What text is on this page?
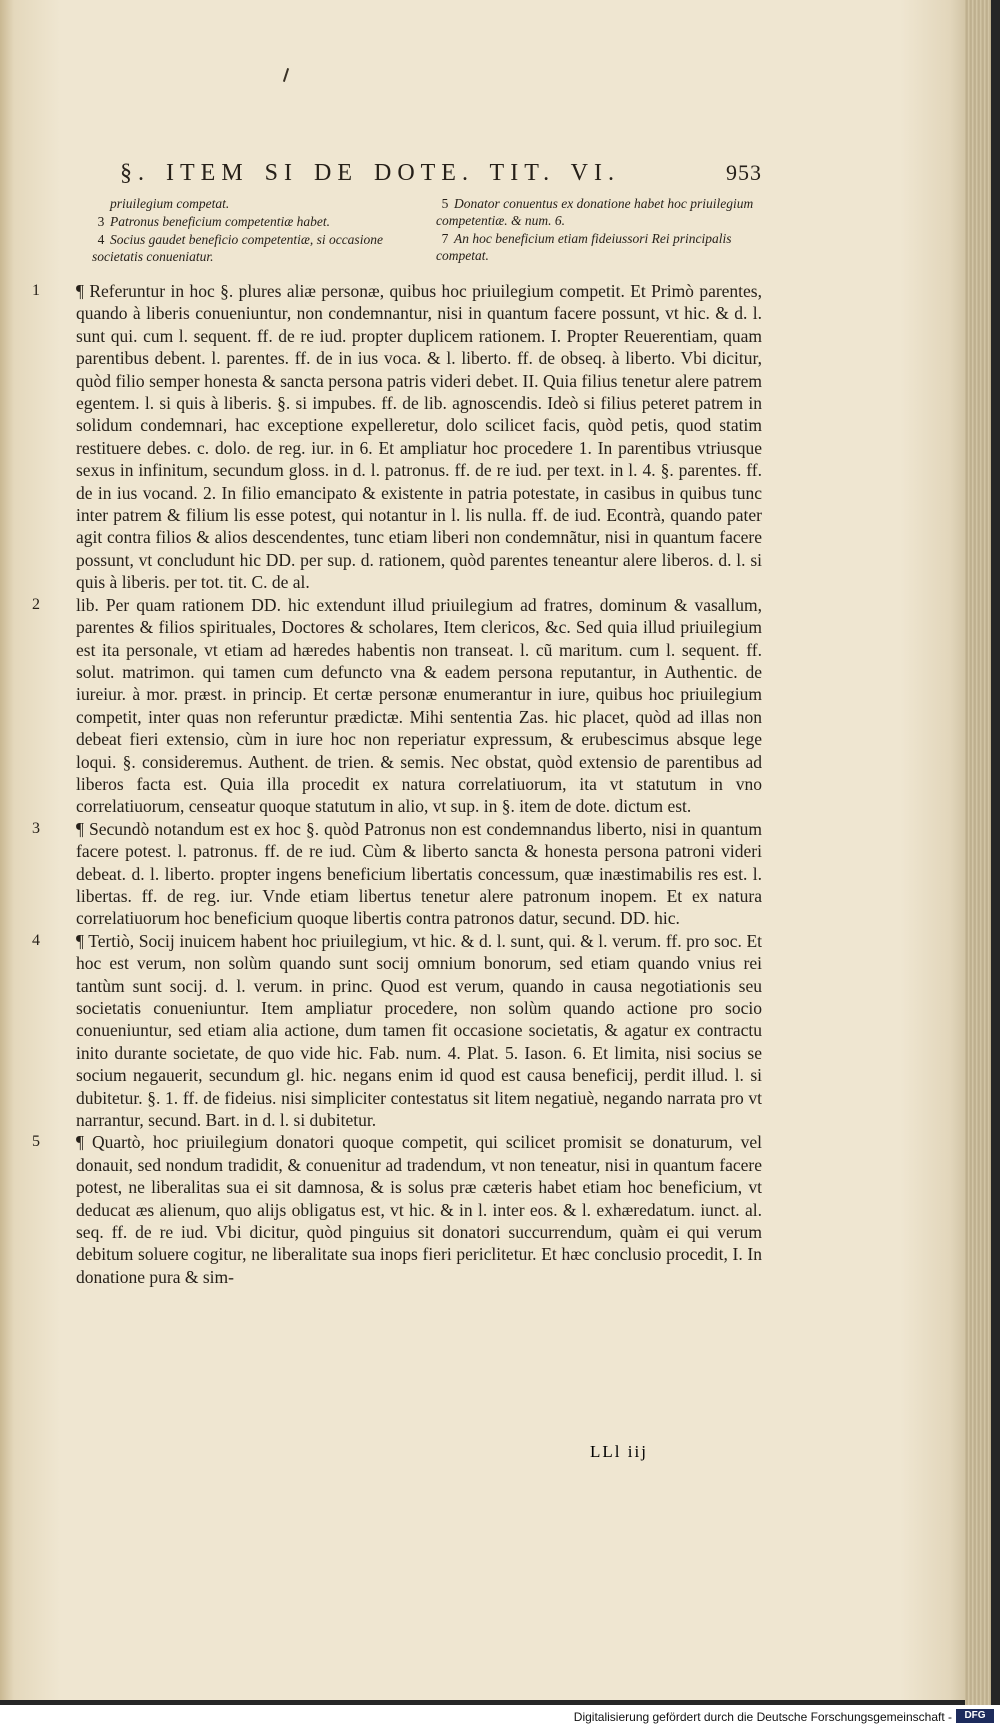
§. ITEM SI DE DOTE. TIT. VI.	953
priuilegium competat.
3 Patronus beneficium competentiæ habet.
4 Socius gaudet beneficio competentiæ, si occasione societatis conueniatur.
5 Donator conuentus ex donatione habet hoc priuilegium competentiæ. & num. 6.
7 An hoc beneficium etiam fideiussori Rei principalis competat.

1 ¶ Referuntur in hoc §. plures aliæ personæ, quibus hoc priuilegium competit. Et Primò parentes, quando à liberis conueniuntur, non condemnantur, nisi in quantum facere possunt, vt hic. & d. l. sunt qui. cum l. sequent. ff. de re iud. propter duplicem rationem. I. Propter Reuerentiam, quam parentibus debent. l. parentes. ff. de in ius voca. & l. liberto. ff. de obseq. à liberto. Vbi dicitur, quòd filio semper honesta & sancta persona patris videri debet. II. Quia filius tenetur alere patrem egentem. l. si quis à liberis. §. si impubes. ff. de lib. agnoscendis. Ideò si filius peteret patrem in solidum condemnari, hac exceptione expelleretur, dolo scilicet facis, quòd petis, quod statim restituere debes. c. dolo. de reg. iur. in 6. Et ampliatur hoc procedere 1. In parentibus vtriusque sexus in infinitum, secundum gloss. in d. l. patronus. ff. de re iud. per text. in l. 4. §. parentes. ff. de in ius vocand. 2. In filio emancipato & existente in patria potestate, in casibus in quibus tunc inter patrem & filium lis esse potest, qui notantur in l. lis nulla. ff. de iud. Econtrà, quando pater agit contra filios & alios descendentes, tunc etiam liberi non condemnãtur, nisi in quantum facere possunt, vt concludunt hic DD. per sup. d. rationem, quòd parentes teneantur alere liberos. d. l. si quis à liberis. per tot. tit. C. de al.

2 lib. Per quam rationem DD. hic extendunt illud priuilegium ad fratres, dominum & vasallum, parentes & filios spirituales, Doctores & scholares, Item clericos, &c. Sed quia illud priuilegium est ita personale, vt etiam ad hæredes habentis non transeat. l. cũ maritum. cum l. sequent. ff. solut. matrimon. qui tamen cum defuncto vna & eadem persona reputantur, in Authentic. de iureiur. à mor. præst. in princip. Et certæ personæ enumerantur in iure, quibus hoc priuilegium competit, inter quas non referuntur prædictæ. Mihi sententia Zas. hic placet, quòd ad illas non debeat fieri extensio, cùm in iure hoc non reperiatur expressum, & erubescimus absque lege loqui. §. consideremus. Authent. de trien. & semis. Nec obstat, quòd extensio de parentibus ad liberos facta est. Quia illa procedit ex natura correlatiuorum, ita vt statutum in vno correlatiuorum, censeatur quoque statutum in alio, vt sup. in §. item de dote. dictum est.

3 ¶ Secundò notandum est ex hoc §. quòd Patronus non est condemnandus liberto, nisi in quantum facere potest. l. patronus. ff. de re iud. Cùm & liberto sancta & honesta persona patroni videri debeat. d. l. liberto. propter ingens beneficium libertatis concessum, quæ inæstimabilis res est. l. libertas. ff. de reg. iur. Vnde etiam libertus tenetur alere patronum inopem. Et ex natura correlatiuorum hoc beneficium quoque libertis contra patronos datur, secund. DD. hic.

4 ¶ Tertiò, Socij inuicem habent hoc priuilegium, vt hic. & d. l. sunt, qui. & l. verum. ff. pro soc. Et hoc est verum, non solùm quando sunt socij omnium bonorum, sed etiam quando vnius rei tantùm sunt socij. d. l. verum. in princ. Quod est verum, quando in causa negotiationis seu societatis conueniuntur. Item ampliatur procedere, non solùm quando actione pro socio conueniuntur, sed etiam alia actione, dum tamen fit occasione societatis, & agatur ex contractu inito durante societate, de quo vide hic. Fab. num. 4. Plat. 5. Iason. 6. Et limita, nisi socius se socium negauerit, secundum gl. hic. negans enim id quod est causa beneficij, perdit illud. l. si dubitetur. §. 1. ff. de fideius. nisi simpliciter contestatus sit litem negatiuè, negando narrata pro vt narrantur, secund. Bart. in d. l. si dubitetur.

5 ¶ Quartò, hoc priuilegium donatori quoque competit, qui scilicet promisit se donaturum, vel donauit, sed nondum tradidit, & conuenitur ad tradendum, vt non teneatur, nisi in quantum facere potest, ne liberalitas sua ei sit damnosa, & is solus præ cæteris habet etiam hoc beneficium, vt deducat æs alienum, quo alijs obligatus est, vt hic. & in l. inter eos. & l. exhæredatum. iunct. al. seq. ff. de re iud. Vbi dicitur, quòd pinguius sit donatori succurrendum, quàm ei qui verum debitum soluere cogitur, ne liberalitate sua inops fieri periclitetur. Et hæc conclusio procedit, I. In donatione pura & sim-

LLl iij
Digitalisierung gefördert durch die Deutsche Forschungsgemeinschaft -	DFG
